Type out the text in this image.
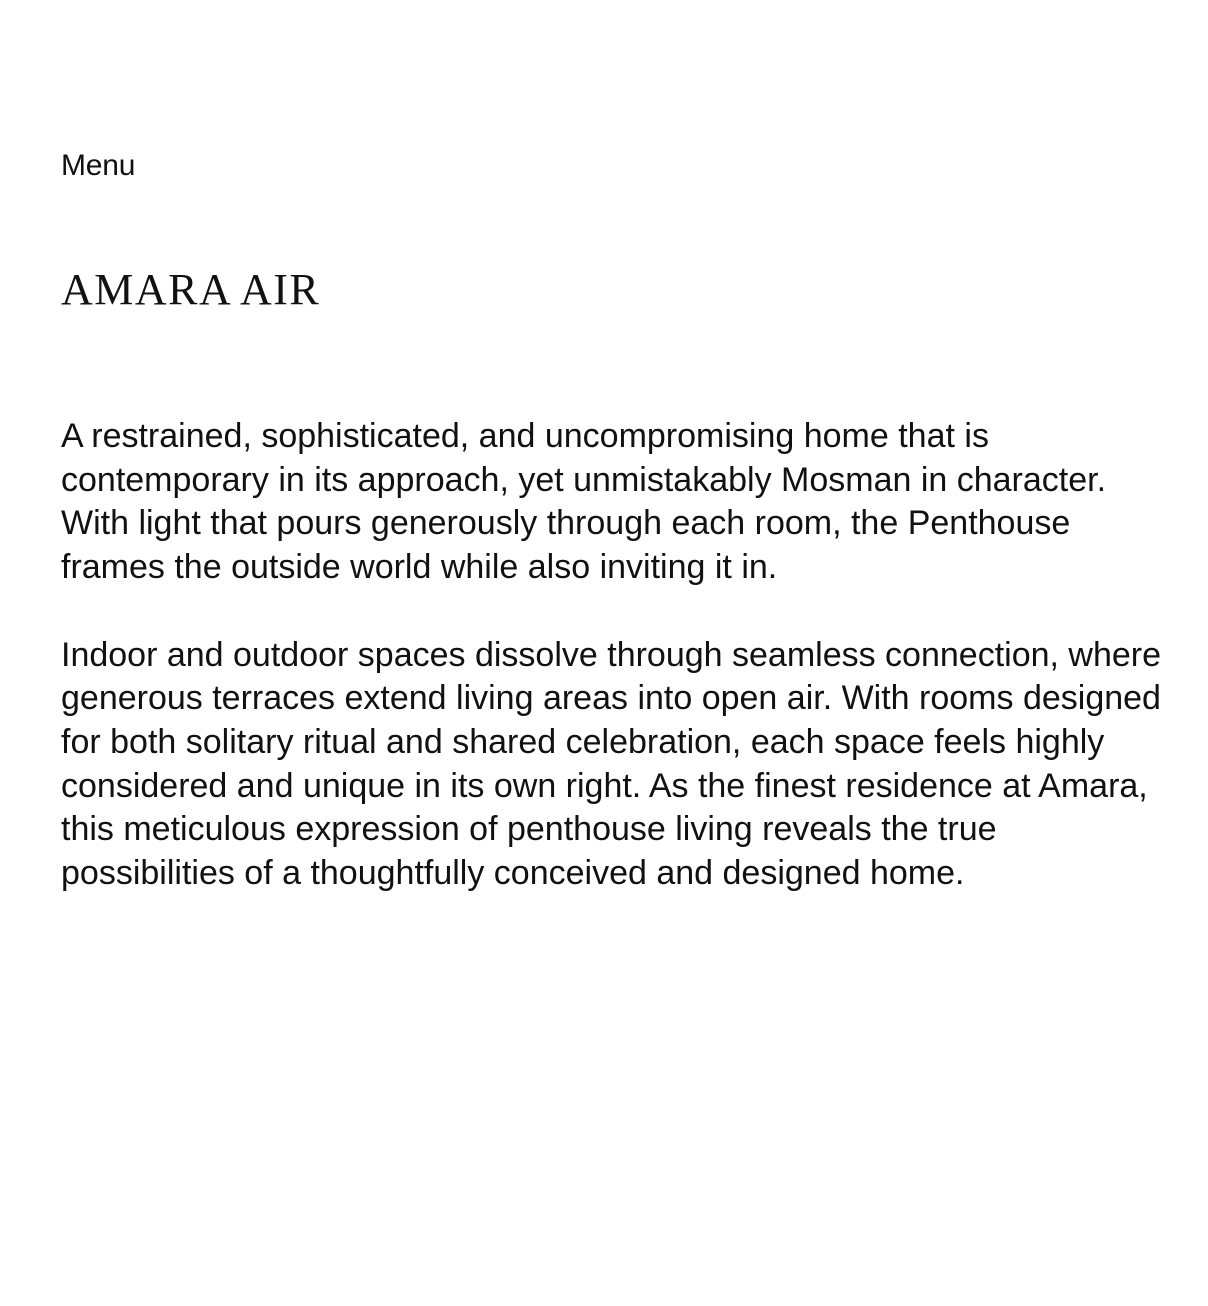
Menu
AMARA AIR

A restrained, sophisticated, and uncompromising home that is contemporary in its approach, yet unmistakably Mosman in character. With light that pours generously through each room, the Penthouse frames the outside world while also inviting it in.

Indoor and outdoor spaces dissolve through seamless connection, where generous terraces extend living areas into open air. With rooms designed for both solitary ritual and shared celebration, each space feels highly considered and unique in its own right. As the finest residence at Amara, this meticulous expression of penthouse living reveals the true possibilities of a thoughtfully conceived and designed home.
